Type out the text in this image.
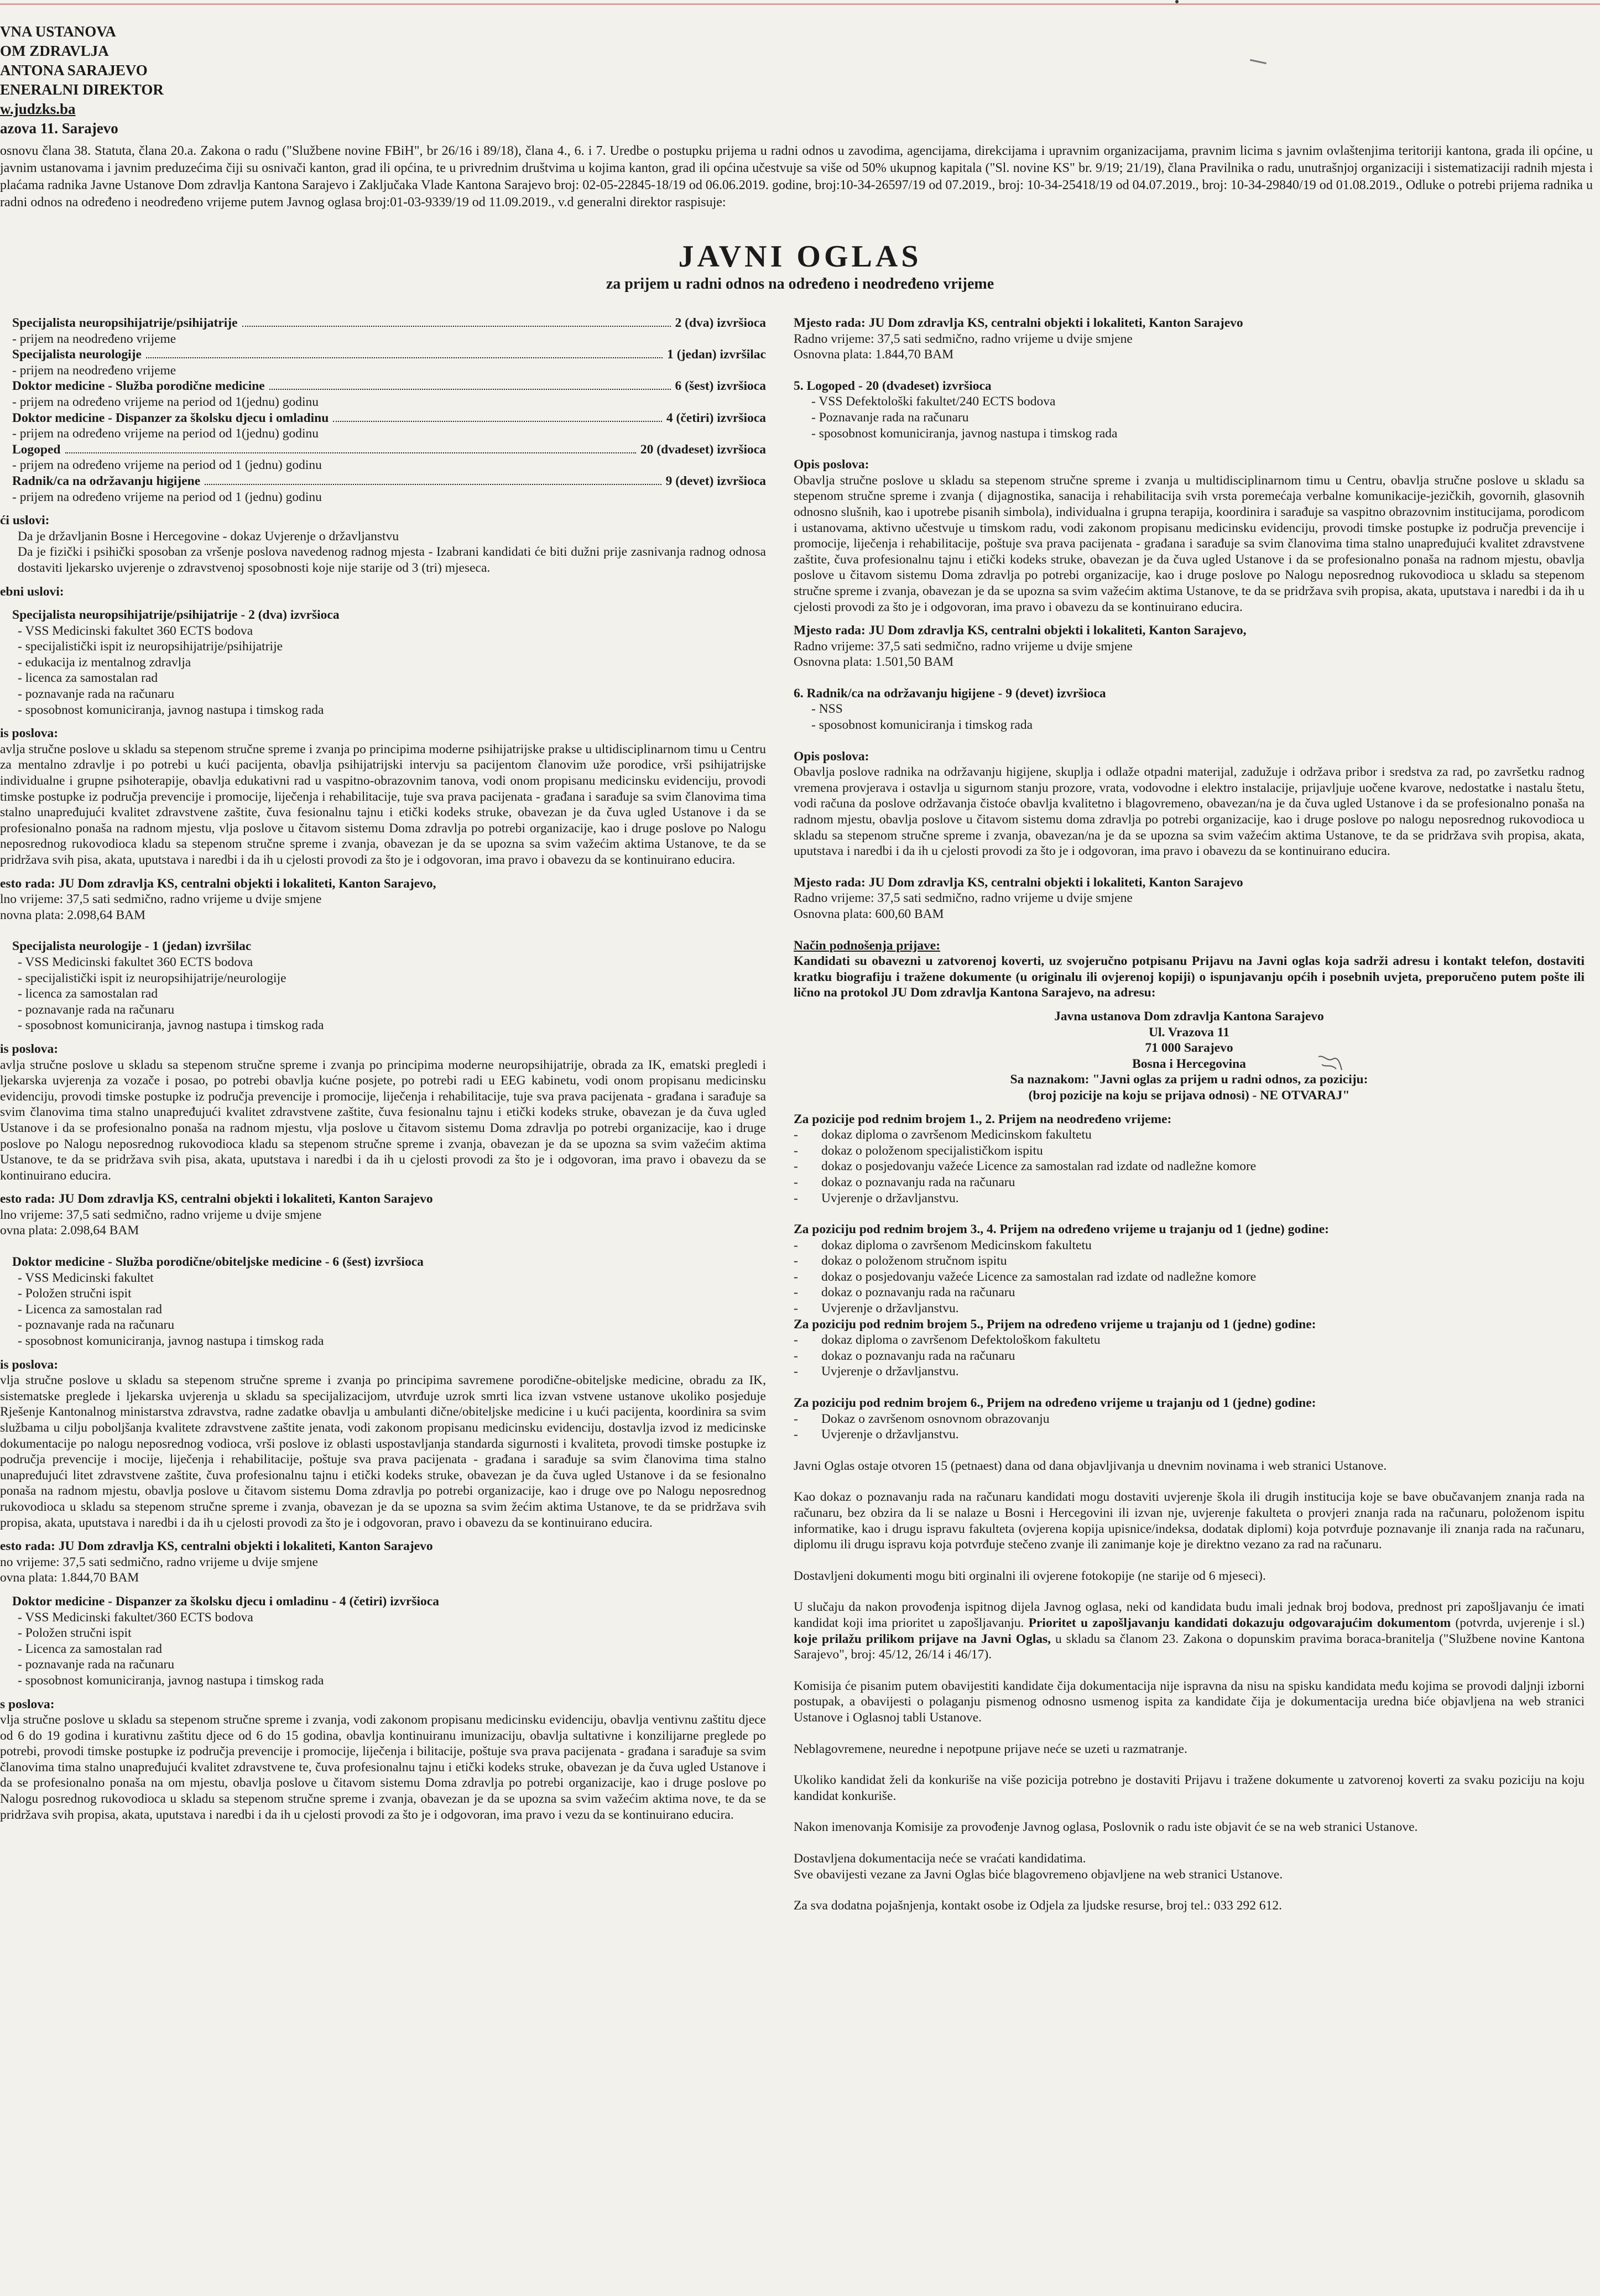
VNA USTANOVA
OM ZDRAVLJA
ANTONA SARAJEVO
ENERALNI DIREKTOR
w.judzks.ba
azova 11. Sarajevo
osnovu člana 38. Statuta, člana 20.a. Zakona o radu ("Službene novine FBiH", br 26/16 i 89/18), člana 4., 6. i 7. Uredbe o postupku prijema u radni odnos u zavodima, agencijama, direkcijama i upravnim organizacijama, pravnim licima s javnim ovlaštenjima teritoriji kantona, grada ili općine, u javnim ustanovama i javnim preduzećima čiji su osnivači kanton, grad ili općina, te u privrednim društvima u kojima kanton, grad ili općina učestvuje sa više od 50% ukupnog kapitala ("Sl. novine KS" br. 9/19; 21/19), člana Pravilnika o radu, unutrašnjoj organizaciji i sistematizaciji radnih mjesta i plaćama radnika Javne Ustanove Dom zdravlja Kantona Sarajevo i Zaključaka Vlade Kantona Sarajevo broj: 02-05-22845-18/19 od 06.06.2019. godine, broj:10-34-26597/19 od 07.2019., broj: 10-34-25418/19 od 04.07.2019., broj: 10-34-29840/19 od 01.08.2019., Odluke o potrebi prijema radnika u radni odnos na određeno i neodređeno vrijeme putem Javnog oglasa broj:01-03-9339/19 od 11.09.2019., v.d generalni direktor raspisuje:
JAVNI OGLAS
za prijem u radni odnos na određeno i neodređeno vrijeme
Specijalista neuropsihijatrije/psihijatrije	2 (dva) izvršioca
- prijem na neodređeno vrijeme
Specijalista neurologije	1 (jedan) izvršilac
- prijem na neodređeno vrijeme
Doktor medicine - Služba porodične medicine	6 (šest) izvršioca
- prijem na određeno vrijeme na period od 1(jednu) godinu
Doktor medicine - Dispanzer za školsku djecu i omladinu	4 (četiri) izvršioca
- prijem na određeno vrijeme na period od 1(jednu) godinu
Logoped	20 (dvadeset) izvršioca
- prijem na određeno vrijeme na period od 1 (jednu) godinu
Radnik/ca na održavanju higijene	9 (devet) izvršioca
- prijem na određeno vrijeme na period od 1 (jednu) godinu
ći uslovi:
Da je državljanin Bosne i Hercegovine - dokaz Uvjerenje o državljanstvu
Da je fizički i psihički sposoban za vršenje poslova navedenog radnog mjesta - Izabrani kandidati će biti dužni prije zasnivanja radnog odnosa dostaviti ljekarsko uvjerenje o zdravstvenoj sposobnosti koje nije starije od 3 (tri) mjeseca.
ebni uslovi:
Specijalista neuropsihijatrije/psihijatrije - 2 (dva) izvršioca
- VSS Medicinski fakultet 360 ECTS bodova
- specijalistički ispit iz neuropsihijatrije/psihijatrije
- edukacija iz mentalnog zdravlja
- licenca za samostalan rad
- poznavanje rada na računaru
- sposobnost komuniciranja, javnog nastupa i timskog rada
is poslova:
avlja stručne poslove u skladu sa stepenom stručne spreme i zvanja po principima moderne psihijatrijske prakse u ultidisciplinarnom timu u Centru za mentalno zdravlje i po potrebi u kući pacijenta, obavlja psihijatrijski intervju sa pacijentom članovim uže porodice, vrši psihijatrijske individualne i grupne psihoterapije, obavlja edukativni rad u vaspitno-obrazovnim tanova, vodi onom propisanu medicinsku evidenciju, provodi timske postupke iz područja prevencije i promocije, liječenja i rehabilitacije, tuje sva prava pacijenata - građana i sarađuje sa svim članovima tima stalno unapređujući kvalitet zdravstvene zaštite, čuva fesionalnu tajnu i etički kodeks struke, obavezan je da čuva ugled Ustanove i da se profesionalno ponaša na radnom mjestu, vlja poslove u čitavom sistemu Doma zdravlja po potrebi organizacije, kao i druge poslove po Nalogu neposrednog rukovodioca kladu sa stepenom stručne spreme i zvanja, obavezan je da se upozna sa svim važećim aktima Ustanove, te da se pridržava svih pisa, akata, uputstava i naredbi i da ih u cjelosti provodi za što je i odgovoran, ima pravo i obavezu da se kontinuirano educira.
esto rada: JU Dom zdravlja KS, centralni objekti i lokaliteti, Kanton Sarajevo,
lno vrijeme: 37,5 sati sedmično, radno vrijeme u dvije smjene
novna plata: 2.098,64 BAM
Specijalista neurologije - 1 (jedan) izvršilac
- VSS Medicinski fakultet 360 ECTS bodova
- specijalistički ispit iz neuropsihijatrije/neurologije
- licenca za samostalan rad
- poznavanje rada na računaru
- sposobnost komuniciranja, javnog nastupa i timskog rada
is poslova:
avlja stručne poslove u skladu sa stepenom stručne spreme i zvanja po principima moderne neuropsihijatrije, obrada za IK, ematski pregledi i ljekarska uvjerenja za vozače i posao, po potrebi obavlja kućne posjete, po potrebi radi u EEG kabinetu, vodi onom propisanu medicinsku evidenciju, provodi timske postupke iz područja prevencije i promocije, liječenja i rehabilitacije, tuje sva prava pacijenata - građana i sarađuje sa svim članovima tima stalno unapređujući kvalitet zdravstvene zaštite, čuva fesionalnu tajnu i etički kodeks struke, obavezan je da čuva ugled Ustanove i da se profesionalno ponaša na radnom mjestu, vlja poslove u čitavom sistemu Doma zdravlja po potrebi organizacije, kao i druge poslove po Nalogu neposrednog rukovodioca kladu sa stepenom stručne spreme i zvanja, obavezan je da se upozna sa svim važećim aktima Ustanove, te da se pridržava svih pisa, akata, uputstava i naredbi i da ih u cjelosti provodi za što je i odgovoran, ima pravo i obavezu da se kontinuirano educira.
esto rada: JU Dom zdravlja KS, centralni objekti i lokaliteti, Kanton Sarajevo
lno vrijeme: 37,5 sati sedmično, radno vrijeme u dvije smjene
ovna plata: 2.098,64 BAM
Doktor medicine - Služba porodične/obiteljske medicine - 6 (šest) izvršioca
- VSS Medicinski fakultet
- Položen stručni ispit
- Licenca za samostalan rad
- poznavanje rada na računaru
- sposobnost komuniciranja, javnog nastupa i timskog rada
is poslova:
vlja stručne poslove u skladu sa stepenom stručne spreme i zvanja po principima savremene porodične-obiteljske medicine, obradu za IK, sistematske preglede i ljekarska uvjerenja u skladu sa specijalizacijom, utvrđuje uzrok smrti lica izvan vstvene ustanove ukoliko posjeduje Rješenje Kantonalnog ministarstva zdravstva, radne zadatke obavlja u ambulanti dične/obiteljske medicine i u kući pacijenta, koordinira sa svim službama u cilju poboljšanja kvalitete zdravstvene zaštite jenata, vodi zakonom propisanu medicinsku evidenciju, dostavlja izvod iz medicinske dokumentacije po nalogu neposrednog vodioca, vrši poslove iz oblasti uspostavljanja standarda sigurnosti i kvaliteta, provodi timske postupke iz područja prevencije i mocije, liječenja i rehabilitacije, poštuje sva prava pacijenata - građana i sarađuje sa svim članovima tima stalno unapređujući litet zdravstvene zaštite, čuva profesionalnu tajnu i etički kodeks struke, obavezan je da čuva ugled Ustanove i da se fesionalno ponaša na radnom mjestu, obavlja poslove u čitavom sistemu Doma zdravlja po potrebi organizacije, kao i druge ove po Nalogu neposrednog rukovodioca u skladu sa stepenom stručne spreme i zvanja, obavezan je da se upozna sa svim žećim aktima Ustanove, te da se pridržava svih propisa, akata, uputstava i naredbi i da ih u cjelosti provodi za što je i odgovoran, pravo i obavezu da se kontinuirano educira.
esto rada: JU Dom zdravlja KS, centralni objekti i lokaliteti, Kanton Sarajevo
no vrijeme: 37,5 sati sedmično, radno vrijeme u dvije smjene
ovna plata: 1.844,70 BAM
Doktor medicine - Dispanzer za školsku djecu i omladinu - 4 (četiri) izvršioca
- VSS Medicinski fakultet/360 ECTS bodova
- Položen stručni ispit
- Licenca za samostalan rad
- poznavanje rada na računaru
- sposobnost komuniciranja, javnog nastupa i timskog rada
s poslova:
vlja stručne poslove u skladu sa stepenom stručne spreme i zvanja, vodi zakonom propisanu medicinsku evidenciju, obavlja ventivnu zaštitu djece od 6 do 19 godina i kurativnu zaštitu djece od 6 do 15 godina, obavlja kontinuiranu imunizaciju, obavlja sultativne i konzilijarne preglede po potrebi, provodi timske postupke iz područja prevencije i promocije, liječenja i bilitacije, poštuje sva prava pacijenata - građana i sarađuje sa svim članovima tima stalno unapređujući kvalitet zdravstvene te, čuva profesionalnu tajnu i etički kodeks struke, obavezan je da čuva ugled Ustanove i da se profesionalno ponaša na om mjestu, obavlja poslove u čitavom sistemu Doma zdravlja po potrebi organizacije, kao i druge poslove po Nalogu posrednog rukovodioca u skladu sa stepenom stručne spreme i zvanja, obavezan je da se upozna sa svim važećim aktima nove, te da se pridržava svih propisa, akata, uputstava i naredbi i da ih u cjelosti provodi za što je i odgovoran, ima pravo i vezu da se kontinuirano educira.
Mjesto rada: JU Dom zdravlja KS, centralni objekti i lokaliteti, Kanton Sarajevo
Radno vrijeme: 37,5 sati sedmično, radno vrijeme u dvije smjene
Osnovna plata: 1.844,70 BAM
5. Logoped - 20 (dvadeset) izvršioca
- VSS Defektološki fakultet/240 ECTS bodova
- Poznavanje rada na računaru
- sposobnost komuniciranja, javnog nastupa i timskog rada
Opis poslova:
Obavlja stručne poslove u skladu sa stepenom stručne spreme i zvanja u multidisciplinarnom timu u Centru, obavlja stručne poslove u skladu sa stepenom stručne spreme i zvanja ( dijagnostika, sanacija i rehabilitacija svih vrsta poremećaja verbalne komunikacije-jezičkih, govornih, glasovnih odnosno slušnih, kao i upotrebe pisanih simbola), individualna i grupna terapija, koordinira i sarađuje sa vaspitno obrazovnim institucijama, porodicom i ustanovama, aktivno učestvuje u timskom radu, vodi zakonom propisanu medicinsku evidenciju, provodi timske postupke iz područja prevencije i promocije, liječenja i rehabilitacije, poštuje sva prava pacijenata - građana i sarađuje sa svim članovima tima stalno unapređujući kvalitet zdravstvene zaštite, čuva profesionalnu tajnu i etički kodeks struke, obavezan je da čuva ugled Ustanove i da se profesionalno ponaša na radnom mjestu, obavlja poslove u čitavom sistemu Doma zdravlja po potrebi organizacije, kao i druge poslove po Nalogu neposrednog rukovodioca u skladu sa stepenom stručne spreme i zvanja, obavezan je da se upozna sa svim važećim aktima Ustanove, te da se pridržava svih propisa, akata, uputstava i naredbi i da ih u cjelosti provodi za što je i odgovoran, ima pravo i obavezu da se kontinuirano educira.
Mjesto rada: JU Dom zdravlja KS, centralni objekti i lokaliteti, Kanton Sarajevo,
Radno vrijeme: 37,5 sati sedmično, radno vrijeme u dvije smjene
Osnovna plata: 1.501,50 BAM
6. Radnik/ca na održavanju higijene - 9 (devet) izvršioca
- NSS
- sposobnost komuniciranja i timskog rada
Opis poslova:
Obavlja poslove radnika na održavanju higijene, skuplja i odlaže otpadni materijal, zadužuje i održava pribor i sredstva za rad, po završetku radnog vremena provjerava i ostavlja u sigurnom stanju prozore, vrata, vodovodne i elektro instalacije, prijavljuje uočene kvarove, nedostatke i nastalu štetu, vodi računa da poslove održavanja čistoće obavlja kvalitetno i blagovremeno, obavezan/na je da čuva ugled Ustanove i da se profesionalno ponaša na radnom mjestu, obavlja poslove u čitavom sistemu doma zdravlja po potrebi organizacije, kao i druge poslove po nalogu neposrednog rukovodioca u skladu sa stepenom stručne spreme i zvanja, obavezan/na je da se upozna sa svim važećim aktima Ustanove, te da se pridržava svih propisa, akata, uputstava i naredbi i da ih u cjelosti provodi za što je i odgovoran, ima pravo i obavezu da se kontinuirano educira.
Mjesto rada: JU Dom zdravlja KS, centralni objekti i lokaliteti, Kanton Sarajevo
Radno vrijeme: 37,5 sati sedmično, radno vrijeme u dvije smjene
Osnovna plata: 600,60 BAM
Način podnošenja prijave:
Kandidati su obavezni u zatvorenoj koverti, uz svojeručno potpisanu Prijavu na Javni oglas koja sadrži adresu i kontakt telefon, dostaviti kratku biografiju i tražene dokumente (u originalu ili ovjerenoj kopiji) o ispunjavanju općih i posebnih uvjeta, preporučeno putem pošte ili lično na protokol JU Dom zdravlja Kantona Sarajevo, na adresu:
Javna ustanova Dom zdravlja Kantona Sarajevo
Ul. Vrazova 11
71 000 Sarajevo
Bosna i Hercegovina
Sa naznakom: "Javni oglas za prijem u radni odnos, za poziciju:
(broj pozicije na koju se prijava odnosi) - NE OTVARAJ"
Za pozicije pod rednim brojem 1., 2. Prijem na neodređeno vrijeme:
-	dokaz diploma o završenom Medicinskom fakultetu
-	dokaz o položenom specijalističkom ispitu
-	dokaz o posjedovanju važeće Licence za samostalan rad izdate od nadležne komore
-	dokaz o poznavanju rada na računaru
-	Uvjerenje o državljanstvu.
Za poziciju pod rednim brojem 3., 4. Prijem na određeno vrijeme u trajanju od 1 (jedne) godine:
-	dokaz diploma o završenom Medicinskom fakultetu
-	dokaz o položenom stručnom ispitu
-	dokaz o posjedovanju važeće Licence za samostalan rad izdate od nadležne komore
-	dokaz o poznavanju rada na računaru
-	Uvjerenje o državljanstvu.
Za poziciju pod rednim brojem 5., Prijem na određeno vrijeme u trajanju od 1 (jedne) godine:
-	dokaz diploma o završenom Defektološkom fakultetu
-	dokaz o poznavanju rada na računaru
-	Uvjerenje o državljanstvu.
Za poziciju pod rednim brojem 6., Prijem na određeno vrijeme u trajanju od 1 (jedne) godine:
-	Dokaz o završenom osnovnom obrazovanju
-	Uvjerenje o državljanstvu.
Javni Oglas ostaje otvoren 15 (petnaest) dana od dana objavljivanja u dnevnim novinama i web stranici Ustanove.
Kao dokaz o poznavanju rada na računaru kandidati mogu dostaviti uvjerenje škola ili drugih institucija koje se bave obučavanjem znanja rada na računaru, bez obzira da li se nalaze u Bosni i Hercegovini ili izvan nje, uvjerenje fakulteta o provjeri znanja rada na računaru, položenom ispitu informatike, kao i drugu ispravu fakulteta (ovjerena kopija upisnice/indeksa, dodatak diplomi) koja potvrđuje poznavanje ili znanja rada na računaru, diplomu ili drugu ispravu koja potvrđuje stečeno zvanje ili zanimanje koje je direktno vezano za rad na računaru.
Dostavljeni dokumenti mogu biti orginalni ili ovjerene fotokopije (ne starije od 6 mjeseci).
U slučaju da nakon provođenja ispitnog dijela Javnog oglasa, neki od kandidata budu imali jednak broj bodova, prednost pri zapošljavanju će imati kandidat koji ima prioritet u zapošljavanju. Prioritet u zapošljavanju kandidati dokazuju odgovarajućim dokumentom (potvrda, uvjerenje i sl.) koje prilažu prilikom prijave na Javni Oglas, u skladu sa članom 23. Zakona o dopunskim pravima boraca-branitelja ("Službene novine Kantona Sarajevo", broj: 45/12, 26/14 i 46/17).
Komisija će pisanim putem obavijestiti kandidate čija dokumentacija nije ispravna da nisu na spisku kandidata među kojima se provodi daljnji izborni postupak, a obavijesti o polaganju pismenog odnosno usmenog ispita za kandidate čija je dokumentacija uredna biće objavljena na web stranici Ustanove i Oglasnoj tabli Ustanove.
Neblagovremene, neuredne i nepotpune prijave neće se uzeti u razmatranje.
Ukoliko kandidat želi da konkuriše na više pozicija potrebno je dostaviti Prijavu i tražene dokumente u zatvorenoj koverti za svaku poziciju na koju kandidat konkuriše.
Nakon imenovanja Komisije za provođenje Javnog oglasa, Poslovnik o radu iste objavit će se na web stranici Ustanove.
Dostavljena dokumentacija neće se vraćati kandidatima.
Sve obavijesti vezane za Javni Oglas biće blagovremeno objavljene na web stranici Ustanove.
Za sva dodatna pojašnjenja, kontakt osobe iz Odjela za ljudske resurse, broj tel.: 033 292 612.
